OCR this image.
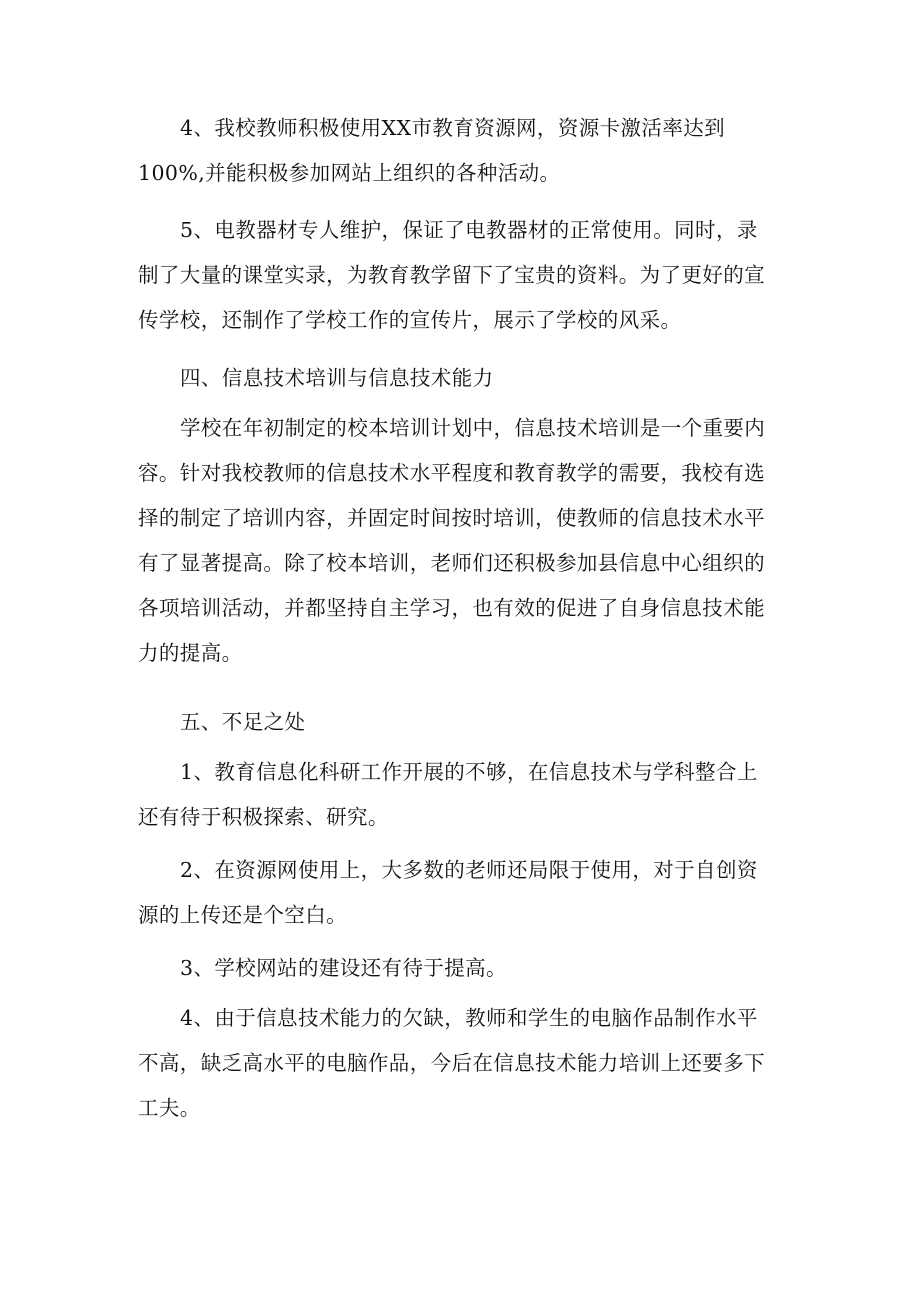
4、我校教师积极使用XX市教育资源网，资源卡激活率达到
100%,并能积极参加网站上组织的各种活动。
5、电教器材专人维护，保证了电教器材的正常使用。同时，录
制了大量的课堂实录，为教育教学留下了宝贵的资料。为了更好的宣
传学校，还制作了学校工作的宣传片，展示了学校的风采。
四、信息技术培训与信息技术能力
学校在年初制定的校本培训计划中，信息技术培训是一个重要内
容。针对我校教师的信息技术水平程度和教育教学的需要，我校有选
择的制定了培训内容，并固定时间按时培训，使教师的信息技术水平
有了显著提高。除了校本培训，老师们还积极参加县信息中心组织的
各项培训活动，并都坚持自主学习，也有效的促进了自身信息技术能
力的提高。
五、不足之处
1、教育信息化科研工作开展的不够，在信息技术与学科整合上
还有待于积极探索、研究。
2、在资源网使用上，大多数的老师还局限于使用，对于自创资
源的上传还是个空白。
3、学校网站的建设还有待于提高。
4、由于信息技术能力的欠缺，教师和学生的电脑作品制作水平
不高，缺乏高水平的电脑作品，今后在信息技术能力培训上还要多下
工夫。
